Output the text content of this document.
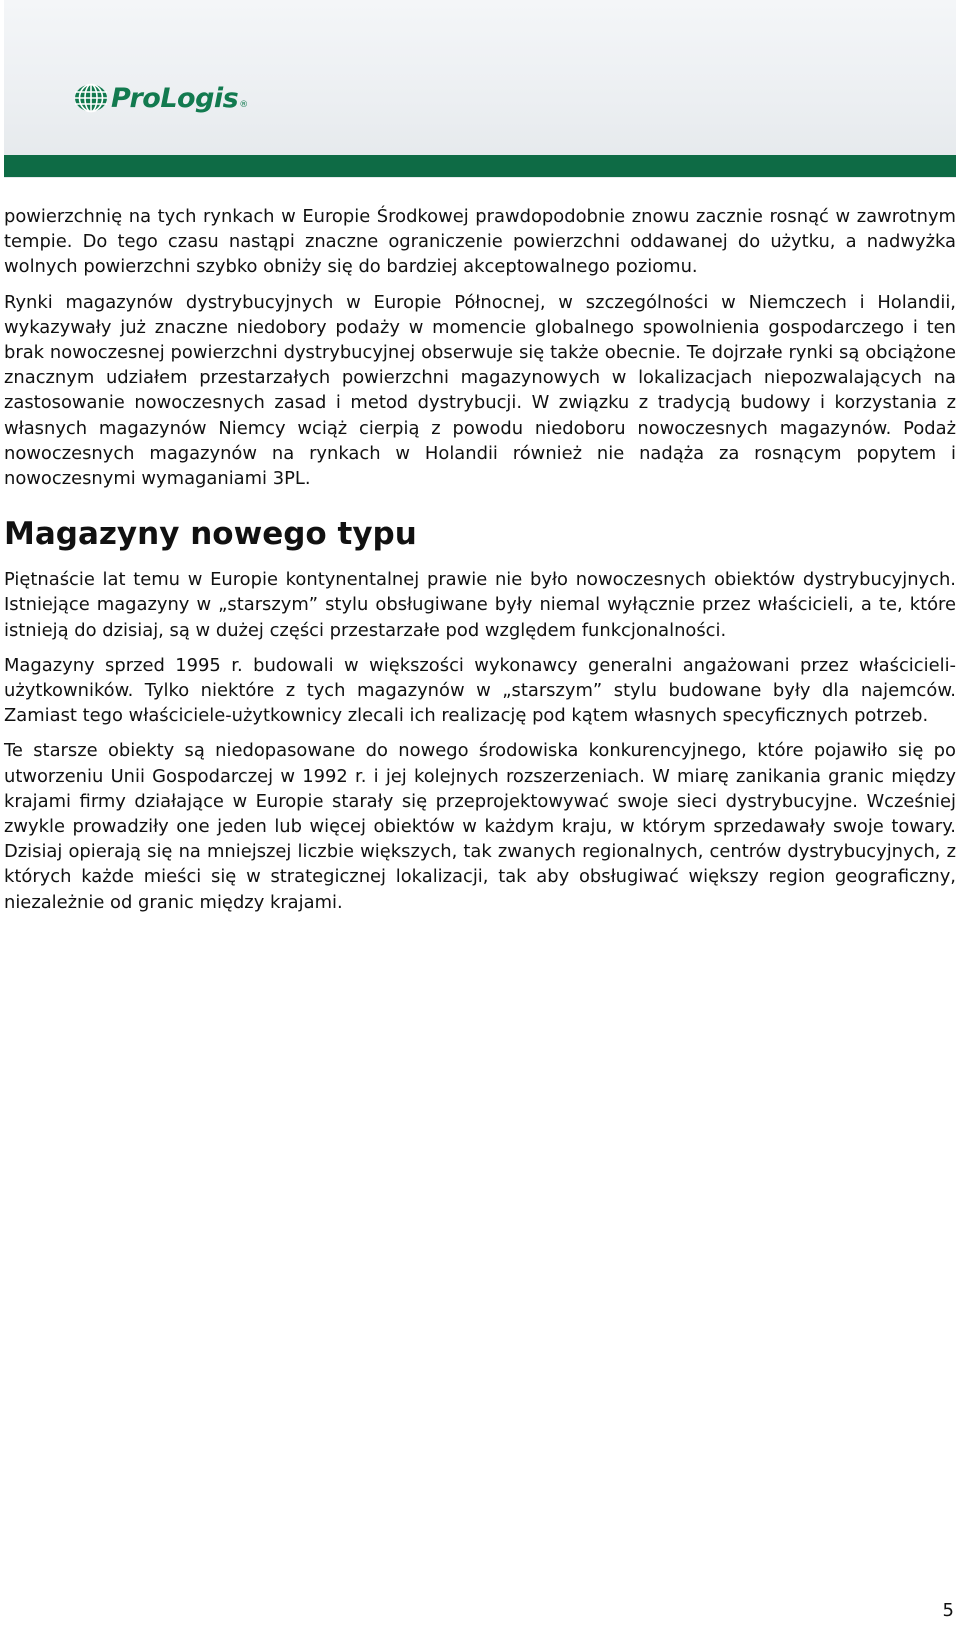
ProLogis ®

powierzchnię na tych rynkach w Europie Środkowej prawdopodobnie znowu zacznie rosnąć w zawrotnym tempie. Do tego czasu nastąpi znaczne ograniczenie powierzchni oddawanej do użytku, a nadwyżka wolnych powierzchni szybko obniży się do bardziej akceptowalnego poziomu.

Rynki magazynów dystrybucyjnych w Europie Północnej, w szczególności w Niemczech i Holandii, wykazywały już znaczne niedobory podaży w momencie globalnego spowolnienia gospodarczego i ten brak nowoczesnej powierzchni dystrybucyjnej obserwuje się także obecnie. Te dojrzałe rynki są obciążone znacznym udziałem przestarzałych powierzchni magazynowych w lokalizacjach niepozwalających na zastosowanie nowoczesnych zasad i metod dystrybucji. W związku z tradycją budowy i korzystania z własnych magazynów Niemcy wciąż cierpią z powodu niedoboru nowoczesnych magazynów. Podaż nowoczesnych magazynów na rynkach w Holandii również nie nadąża za rosnącym popytem i nowoczesnymi wymaganiami 3PL.

Magazyny nowego typu

Piętnaście lat temu w Europie kontynentalnej prawie nie było nowoczesnych obiektów dystrybucyjnych. Istniejące magazyny w „starszym” stylu obsługiwane były niemal wyłącznie przez właścicieli, a te, które istnieją do dzisiaj, są w dużej części przestarzałe pod względem funkcjonalności.

Magazyny sprzed 1995 r. budowali w większości wykonawcy generalni angażowani przez właścicieli-użytkowników. Tylko niektóre z tych magazynów w „starszym” stylu budowane były dla najemców. Zamiast tego właściciele-użytkownicy zlecali ich realizację pod kątem własnych specyficznych potrzeb.

Te starsze obiekty są niedopasowane do nowego środowiska konkurencyjnego, które pojawiło się po utworzeniu Unii Gospodarczej w 1992 r. i jej kolejnych rozszerzeniach. W miarę zanikania granic między krajami firmy działające w Europie starały się przeprojektowywać swoje sieci dystrybucyjne. Wcześniej zwykle prowadziły one jeden lub więcej obiektów w każdym kraju, w którym sprzedawały swoje towary. Dzisiaj opierają się na mniejszej liczbie większych, tak zwanych regionalnych, centrów dystrybucyjnych, z których każde mieści się w strategicznej lokalizacji, tak aby obsługiwać większy region geograficzny, niezależnie od granic między krajami.

5
